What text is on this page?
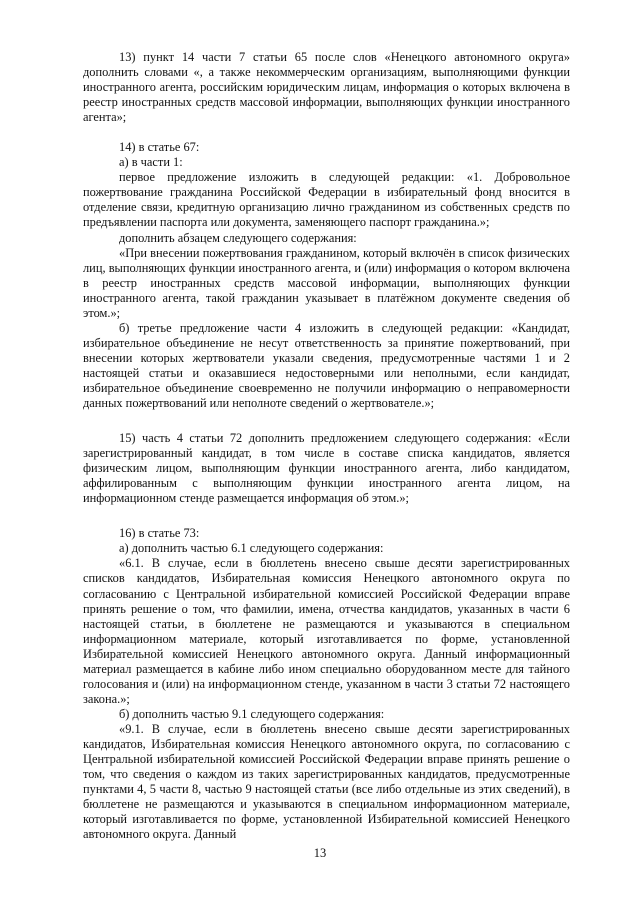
13) пункт 14 части 7 статьи 65 после слов «Ненецкого автономного округа» дополнить словами «, а также некоммерческим организациям, выполняющими функции иностранного агента, российским юридическим лицам, информация о которых включена в реестр иностранных средств массовой информации, выполняющих функции иностранного агента»;

14) в статье 67:

а) в части 1:

первое предложение изложить в следующей редакции: «1. Добровольное пожертвование гражданина Российской Федерации в избирательный фонд вносится в отделение связи, кредитную организацию лично гражданином из собственных средств по предъявлении паспорта или документа, заменяющего паспорт гражданина.»;

дополнить абзацем следующего содержания:

«При внесении пожертвования гражданином, который включён в список физических лиц, выполняющих функции иностранного агента, и (или) информация о котором включена в реестр иностранных средств массовой информации, выполняющих функции иностранного агента, такой гражданин указывает в платёжном документе сведения об этом.»;

б) третье предложение части 4 изложить в следующей редакции: «Кандидат, избирательное объединение не несут ответственность за принятие пожертвований, при внесении которых жертвователи указали сведения, предусмотренные частями 1 и 2 настоящей статьи и оказавшиеся недостоверными или неполными, если кандидат, избирательное объединение своевременно не получили информацию о неправомерности данных пожертвований или неполноте сведений о жертвователе.»;

15) часть 4 статьи 72 дополнить предложением следующего содержания: «Если зарегистрированный кандидат, в том числе в составе списка кандидатов, является физическим лицом, выполняющим функции иностранного агента, либо кандидатом, аффилированным с выполняющим функции иностранного агента лицом, на информационном стенде размещается информация об этом.»;

16) в статье 73:

а) дополнить частью 6.1 следующего содержания:

«6.1. В случае, если в бюллетень внесено свыше десяти зарегистрированных списков кандидатов, Избирательная комиссия Ненецкого автономного округа по согласованию с Центральной избирательной комиссией Российской Федерации вправе принять решение о том, что фамилии, имена, отчества кандидатов, указанных в части 6 настоящей статьи, в бюллетене не размещаются и указываются в специальном информационном материале, который изготавливается по форме, установленной Избирательной комиссией Ненецкого автономного округа. Данный информационный материал размещается в кабине либо ином специально оборудованном месте для тайного голосования и (или) на информационном стенде, указанном в части 3 статьи 72 настоящего закона.»;

б) дополнить частью 9.1 следующего содержания:

«9.1. В случае, если в бюллетень внесено свыше десяти зарегистрированных кандидатов, Избирательная комиссия Ненецкого автономного округа, по согласованию с Центральной избирательной комиссией Российской Федерации вправе принять решение о том, что сведения о каждом из таких зарегистрированных кандидатов, предусмотренные пунктами 4, 5 части 8, частью 9 настоящей статьи (все либо отдельные из этих сведений), в бюллетене не размещаются и указываются в специальном информационном материале, который изготавливается по форме, установленной Избирательной комиссией Ненецкого автономного округа. Данный

13
